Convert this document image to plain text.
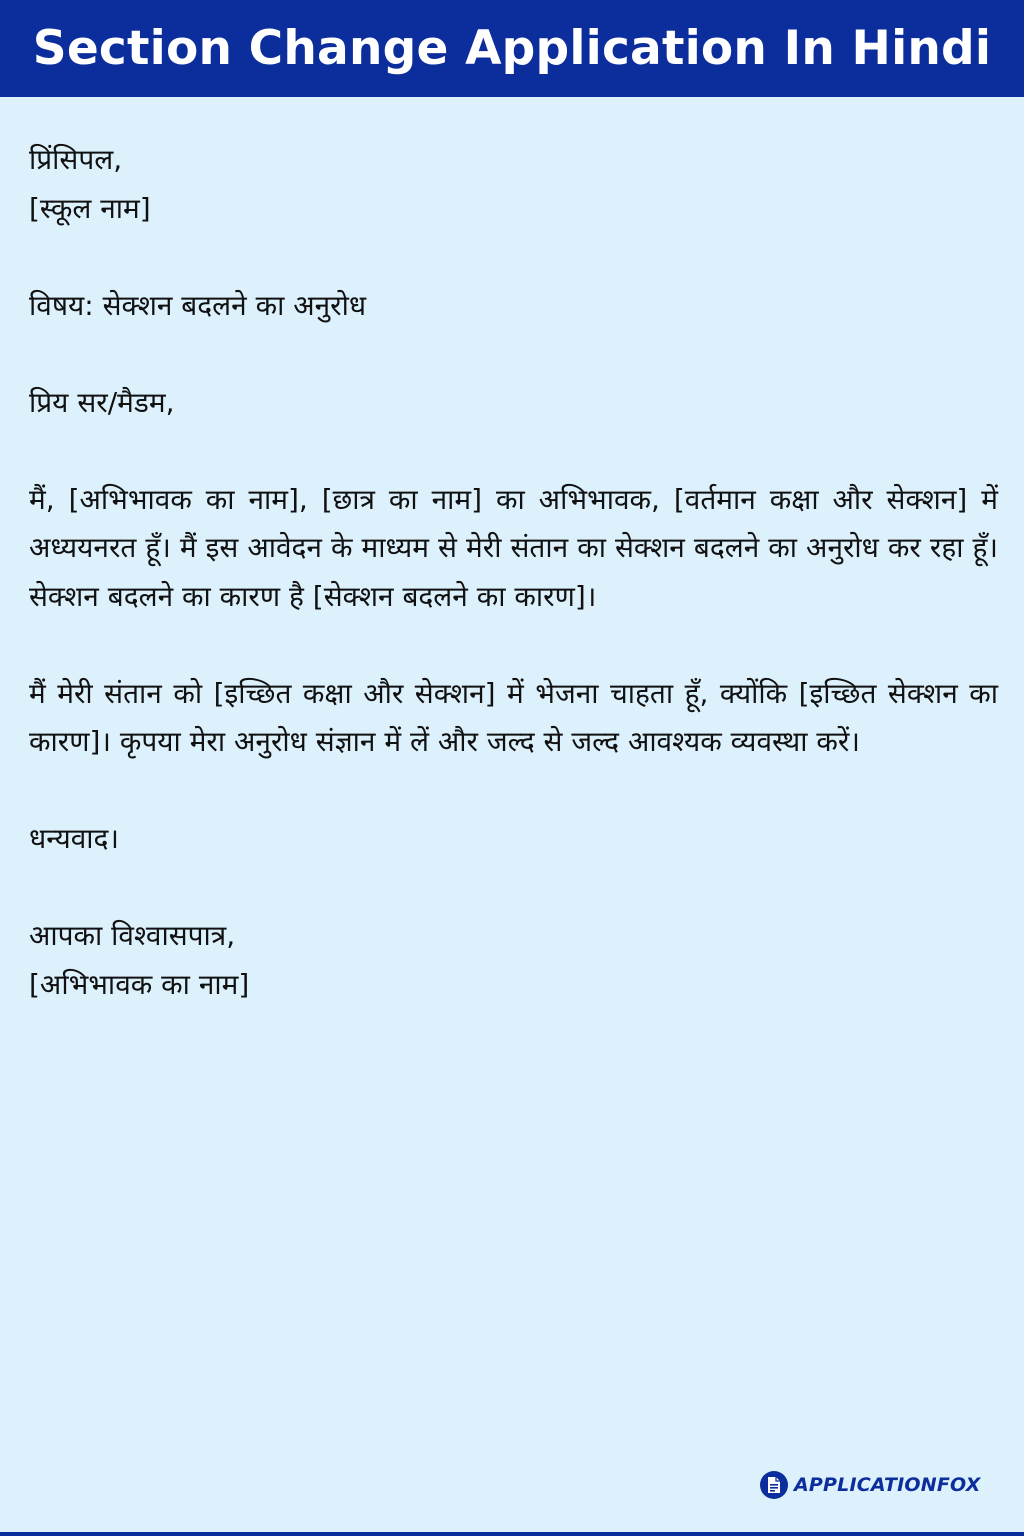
Section Change Application In Hindi

प्रिंसिपल,

[स्कूल नाम]

विषय: सेक्शन बदलने का अनुरोध

प्रिय सर/मैडम,

मैं, [अभिभावक का नाम], [छात्र का नाम] का अभिभावक, [वर्तमान कक्षा और सेक्शन] में अध्ययनरत हूँ। मैं इस आवेदन के माध्यम से मेरी संतान का सेक्शन बदलने का अनुरोध कर रहा हूँ। सेक्शन बदलने का कारण है [सेक्शन बदलने का कारण]।

मैं मेरी संतान को [इच्छित कक्षा और सेक्शन] में भेजना चाहता हूँ, क्योंकि [इच्छित सेक्शन का कारण]। कृपया मेरा अनुरोध संज्ञान में लें और जल्द से जल्द आवश्यक व्यवस्था करें।

धन्यवाद।

आपका विश्वासपात्र,

[अभिभावक का नाम]

APPLICATIONFOX
